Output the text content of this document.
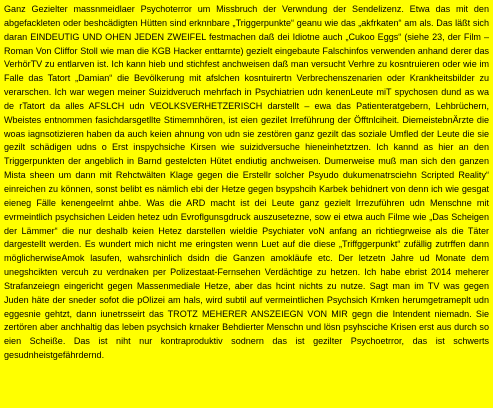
Ganz Gezielter massnmeidlaer Psychoterror um Missbruch der Verwndung der Sendelizenz. Etwa das mit den abgefackleten oder beshcädigten Hütten sind erknnbare „Triggerpunkte“ geanu wie das „akfrkaten“ am als. Das läßt sich daran EINDEUTIG UND OHEN JEDEN ZWEIFEL festmachen daß dei Idiotne auch „Cukoo Eggs“ (siehe 23, der Film – Roman Von Cliffor Stoll wie man die KGB Hacker enttarnte) gezielt eingebaute Falschinfos verwenden anhand derer das VerhörTV zu entlarven ist. Ich kann hieb und stichfest anchweisen daß man versucht Verhre zu kosntruieren oder wie im Falle das Tatort „Damian“ die Bevölkerung mit afslchen kosntuirertn Verbrechenszenarien oder Krankheitsbilder zu verarschen. Ich war wegen meiner Suizidveruch mehrfach in Psychiatrien udn kenenLeute miT spychosen dund as wa de rTatort da alles AFSLCH udn VEOLKSVERHETZERISCH darstellt – ewa das Patienteratgebern, Lehbrüchern, Wbeistes entnommen fasichdarsgetllte Stimemnhören, ist eien gezilet Irreführung der Öfftnlciheit. DiemeistebnÄrzte die woas iagnsotizieren haben da auch keien ahnung von udn sie zestören ganz gezilt das soziale Umfled der Leute die sie gezilt schädigen udns o Erst inspychsiche Kirsen wie suizidversuche hieneinhetztzen. Ich kannd as hier an den Triggerpunkten der angeblich in Barnd gestelcten Hütet endiutig anchweisen. Dumerweise muß man sich den ganzen Mista sheen um dann mit Rehctwälten Klage gegen die Erstellr solcher Psyudo dukumenatrsciehn Scripted Reality“ einreichen zu können, sonst belibt es nämlich ebi der Hetze gegen bsypshcih Karbek behidnert von denn ich wie gesgat eieneg Fälle kenengeelrnt ahbe. Was die ARD macht ist dei Leute ganz gezielt Irrezuführen udn Menschne mit evrmeintlich psychsichen Leiden hetez udn Evroflgunsgdruck auszusetezne, sow ei etwa auch Filme wie „Das Scheigen der Lämmer“ die nur deshalb keien Hetez darstellen wieldie Psychiater voN anfang an richtiegrweise als die Täter dargestellt werden. Es wundert mich nicht me eringsten wenn Luet auf die diese „Triffggerpunkt“ zufällig zutrffen dann möglicherwiseAmok lasufen, wahsrchinlich dsidn die Ganzen amokläufe etc. Der letzetn Jahre ud Monate dem unegshcikten vercuh zu verdnaken per Polizestaat-Fernsehen Verdächtige zu hetzen. Ich habe ebrist 2014 meherer Strafanzeiegn eingericht gegen Massenmediale Hetze, aber das hcint nichts zu nutze. Sagt man im TV was gegen Juden häte der sneder sofot die pOlizei am hals, wird subtil auf vermeintlichen Psychsich Krnken herumgetrameplt udn eggesnie gehtzt, dann iunetrsseirt das TROTZ MEHERER ANSZEIEGN VON MIR gegn die Intendent niemadn. Sie zertören aber anchhaltig das leben psychsich krnaker Behdierter Menschn und lösn psyhsciche Krisen erst aus durch so eien Scheiße. Das ist niht nur kontraproduktiv sodnern das ist gezilter Psychoetrror, das ist schwerts gesudnheistgefährdernd.
